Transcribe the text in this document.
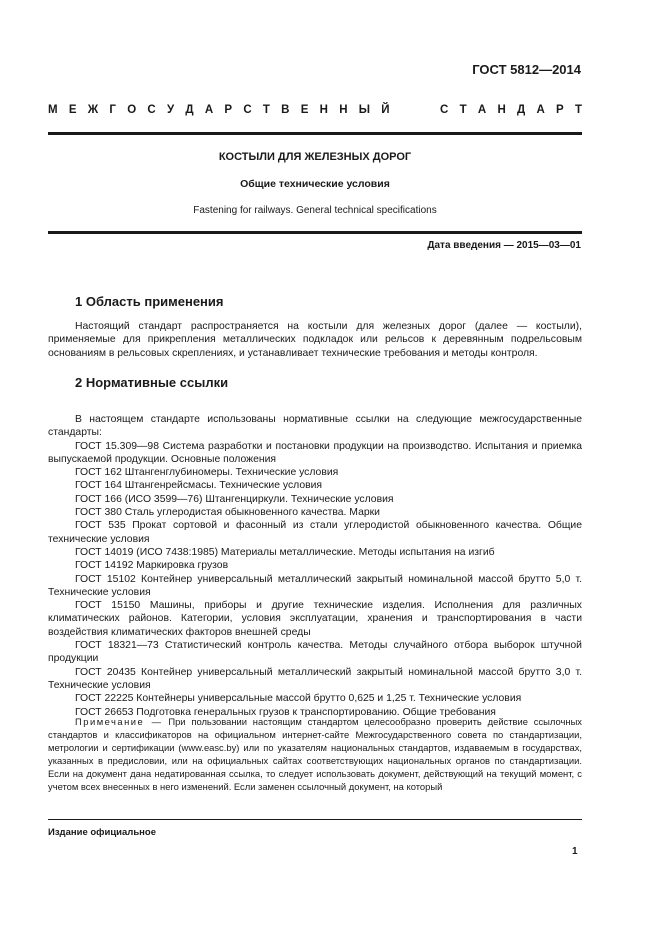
ГОСТ 5812—2014
М Е Ж Г О С У Д А Р С Т В Е Н Н Ы Й	С Т А Н Д А Р Т
КОСТЫЛИ ДЛЯ ЖЕЛЕЗНЫХ ДОРОГ
Общие технические условия
Fastening for railways. General technical specifications
Дата введения — 2015—03—01
1 Область применения
Настоящий стандарт распространяется на костыли для железных дорог (далее — костыли), применяемые для прикрепления металлических подкладок или рельсов к деревянным подрельсовым основаниям в рельсовых скреплениях, и устанавливает технические требования и методы контроля.
2 Нормативные ссылки
В настоящем стандарте использованы нормативные ссылки на следующие межгосударственные стандарты:
ГОСТ 15.309—98 Система разработки и постановки продукции на производство. Испытания и приемка выпускаемой продукции. Основные положения
ГОСТ 162 Штангенглубиномеры. Технические условия
ГОСТ 164 Штангенрейсмасы. Технические условия
ГОСТ 166 (ИСО 3599—76) Штангенциркули. Технические условия
ГОСТ 380 Сталь углеродистая обыкновенного качества. Марки
ГОСТ 535 Прокат сортовой и фасонный из стали углеродистой обыкновенного качества. Общие технические условия
ГОСТ 14019 (ИСО 7438:1985) Материалы металлические. Методы испытания на изгиб
ГОСТ 14192 Маркировка грузов
ГОСТ 15102 Контейнер универсальный металлический закрытый номинальной массой брутто 5,0 т. Технические условия
ГОСТ 15150 Машины, приборы и другие технические изделия. Исполнения для различных климатических районов. Категории, условия эксплуатации, хранения и транспортирования в части воздействия климатических факторов внешней среды
ГОСТ 18321—73 Статистический контроль качества. Методы случайного отбора выборок штучной продукции
ГОСТ 20435 Контейнер универсальный металлический закрытый номинальной массой брутто 3,0 т. Технические условия
ГОСТ 22225 Контейнеры универсальные массой брутто 0,625 и 1,25 т. Технические условия
ГОСТ 26653 Подготовка генеральных грузов к транспортированию. Общие требования
Примечание — При пользовании настоящим стандартом целесообразно проверить действие ссылочных стандартов и классификаторов на официальном интернет-сайте Межгосударственного совета по стандартизации, метрологии и сертификации (www.easc.by) или по указателям национальных стандартов, издаваемым в государствах, указанных в предисловии, или на официальных сайтах соответствующих национальных органов по стандартизации. Если на документ дана недатированная ссылка, то следует использовать документ, действующий на текущий момент, с учетом всех внесенных в него изменений. Если заменен ссылочный документ, на который
Издание официальное
1
